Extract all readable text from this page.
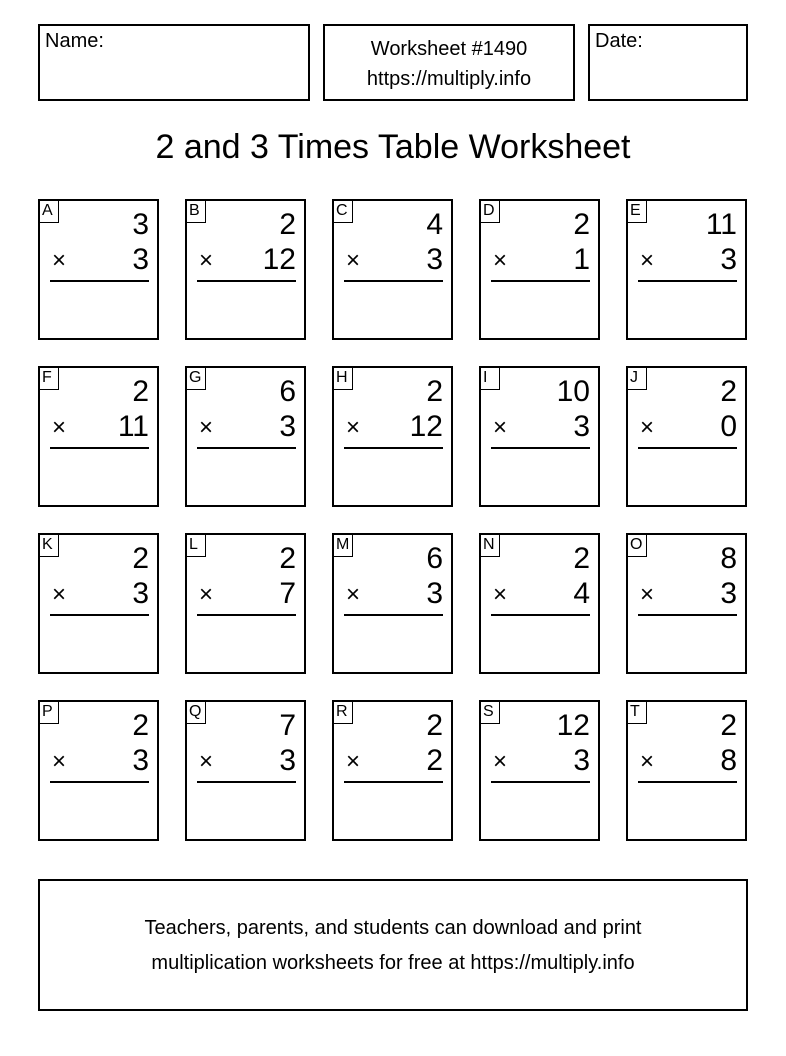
Name:	Worksheet #1490
https://multiply.info
Date:
2 and 3 Times Table Worksheet
A	3
× 3
B	2
× 12
C	4
× 3
D	2
× 1
E 11
× 3
F	2
× 11
G	6
× 3
H	2
× 12
I	10
× 3
J	2
× 0
K	2
× 3
L	2
× 7
M	6
× 3
N	2
× 4
O	8
× 3
P	2
× 3
Q	7
× 3
R	2
× 2
S 12
× 3
T	2
× 8
Teachers, parents, and students can download and print
multiplication worksheets for free at https://multiply.info
